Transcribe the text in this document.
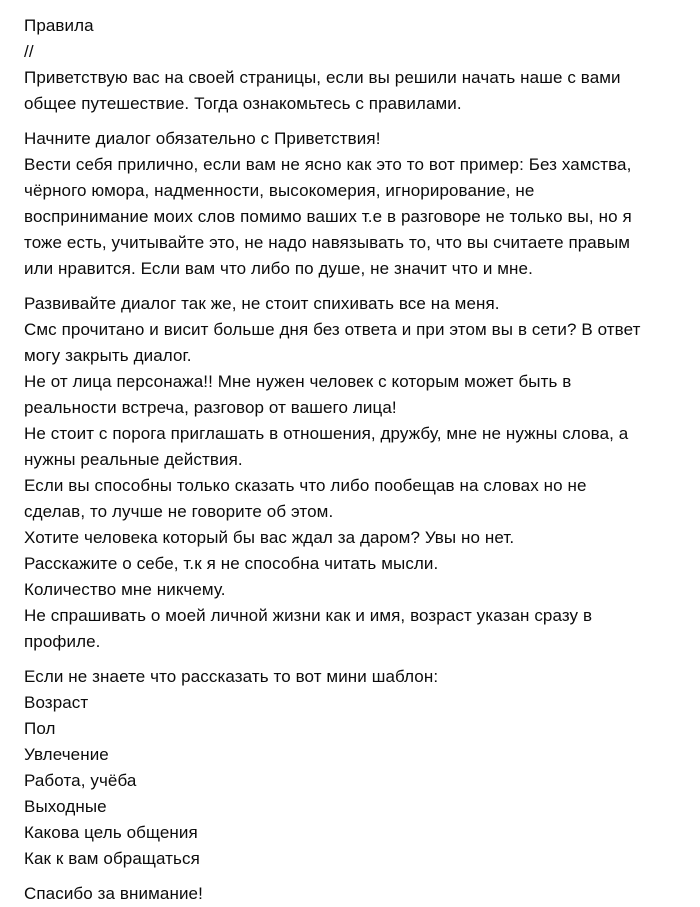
Правила
//
Приветствую вас на своей страницы, если вы решили начать наше с вами
общее путешествие. Тогда ознакомьтесь с правилами.
Начните диалог обязательно с Приветствия!
Вести себя прилично, если вам не ясно как это то вот пример: Без хамства,
чёрного юмора, надменности, высокомерия, игнорирование, не
воспринимание моих слов помимо ваших т.е в разговоре не только вы, но я
тоже есть, учитывайте это, не надо навязывать то, что вы считаете правым
или нравится. Если вам что либо по душе, не значит что и мне.
Развивайте диалог так же, не стоит спихивать все на меня.
Смс прочитано и висит больше дня без ответа и при этом вы в сети? В ответ
могу закрыть диалог.
Не от лица персонажа!! Мне нужен человек с которым может быть в
реальности встреча, разговор от вашего лица!
Не стоит с порога приглашать в отношения, дружбу, мне не нужны слова, а
нужны реальные действия.
Если вы способны только сказать что либо пообещав на словах но не
сделав, то лучше не говорите об этом.
Хотите человека который бы вас ждал за даром? Увы но нет.
Расскажите о себе, т.к я не способна читать мысли.
Количество мне никчему.
Не спрашивать о моей личной жизни как и имя, возраст указан сразу в
профиле.
Если не знаете что рассказать то вот мини шаблон:
Возраст
Пол
Увлечение
Работа, учёба
Выходные
Какова цель общения
Как к вам обращаться
Спасибо за внимание!
